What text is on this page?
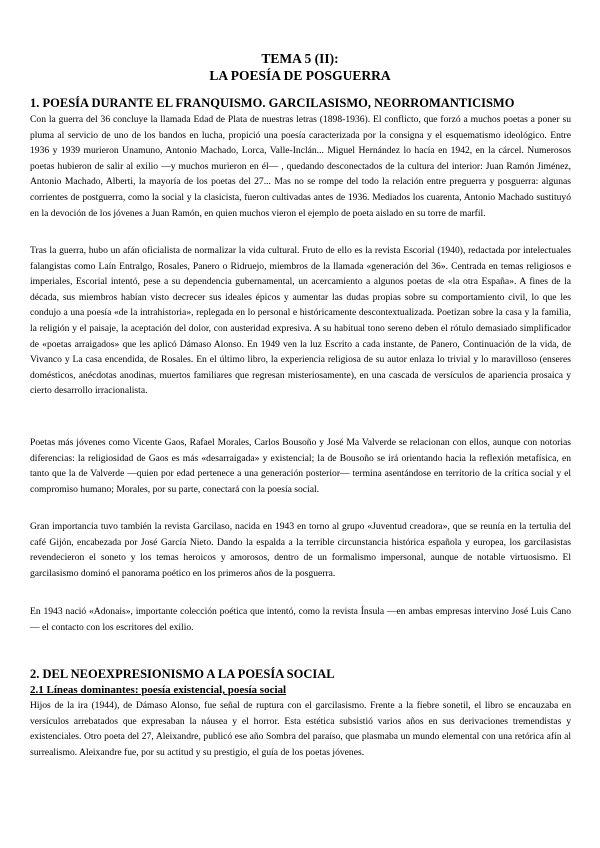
TEMA 5 (II):
LA POESÍA DE POSGUERRA
1. POESÍA DURANTE EL FRANQUISMO. GARCILASISMO, NEORROMANTICISMO

Con la guerra del 36 concluye la llamada Edad de Plata de nuestras letras (1898-1936). El conflicto, que forzó a muchos poetas a poner su pluma al servicio de uno de los bandos en lucha, propició una poesía caracterizada por la consigna y el esquematismo ideológico. Entre 1936 y 1939 murieron Unamuno, Antonio Machado, Lorca, Valle-Inclán... Miguel Hernández lo hacía en 1942, en la cárcel. Numerosos poetas hubieron de salir al exilio —y muchos murieron en él— , quedando desconectados de la cultura del interior: Juan Ramón Jiménez, Antonio Machado, Alberti, la mayoría de los poetas del 27... Mas no se rompe del todo la relación entre preguerra y posguerra: algunas corrientes de postguerra, como la social y la clasicista, fueron cultivadas antes de 1936. Mediados los cuarenta, Antonio Machado sustituyó en la devoción de los jóvenes a Juan Ramón, en quien muchos vieron el ejemplo de poeta aislado en su torre de marfil.

Tras la guerra, hubo un afán oficialista de normalizar la vida cultural. Fruto de ello es la revista Escorial (1940), redactada por intelectuales falangistas como Laín Entralgo, Rosales, Panero o Ridruejo, miembros de la llamada «generación del 36». Centrada en temas religiosos e imperiales, Escorial intentó, pese a su dependencia gubernamental, un acercamiento a algunos poetas de «la otra España». A fines de la década, sus miembros habían visto decrecer sus ideales épicos y aumentar las dudas propias sobre su comportamiento civil, lo que les condujo a una poesía «de la intrahistoria», replegada en lo personal e históricamente descontextualizada. Poetizan sobre la casa y la familia, la religión y el paisaje, la aceptación del dolor, con austeridad expresiva. A su habitual tono sereno deben el rótulo demasiado simplificador de «poetas arraigados» que les aplicó Dámaso Alonso. En 1949 ven la luz Escrito a cada instante, de Panero, Continuación de la vida, de Vivanco y La casa encendida, de Rosales. En el último libro, la experiencia religiosa de su autor enlaza lo trivial y lo maravilloso (enseres domésticos, anécdotas anodinas, muertos familiares que regresan misteriosamente), en una cascada de versículos de apariencia prosaica y cierto desarrollo irracionalista.

Poetas más jóvenes como Vicente Gaos, Rafael Morales, Carlos Bousoño y José Ma Valverde se relacionan con ellos, aunque con notorias diferencias: la religiosidad de Gaos es más «desarraigada» y existencial; la de Bousoño se irá orientando hacia la reflexión metafísica, en tanto que la de Valverde —quien por edad pertenece a una generación posterior— termina asentándose en territorio de la crítica social y el compromiso humano; Morales, por su parte, conectará con la poesía social.

Gran importancia tuvo también la revista Garcilaso, nacida en 1943 en torno al grupo «Juventud creadora», que se reunía en la tertulia del café Gijón, encabezada por José García Nieto. Dando la espalda a la terrible circunstancia histórica española y europea, los garcilasistas revendecieron el soneto y los temas heroicos y amorosos, dentro de un formalismo impersonal, aunque de notable virtuosismo. El garcilasismo dominó el panorama poético en los primeros años de la posguerra.

En 1943 nació «Adonais», importante colección poética que intentó, como la revista Ínsula —en ambas empresas intervino José Luis Cano— el contacto con los escritores del exilio.

2. DEL NEOEXPRESIONISMO A LA POESÍA SOCIAL
2.1 Líneas dominantes: poesía existencial, poesía social

Hijos de la ira (1944), de Dámaso Alonso, fue señal de ruptura con el garcilasismo. Frente a la fiebre sonetil, el libro se encauzaba en versículos arrebatados que expresaban la náusea y el horror. Esta estética subsistió varios años en sus derivaciones tremendistas y existenciales. Otro poeta del 27, Aleixandre, publicó ese año Sombra del paraíso, que plasmaba un mundo elemental con una retórica afín al surrealismo. Aleixandre fue, por su actitud y su prestigio, el guía de los poetas jóvenes.
